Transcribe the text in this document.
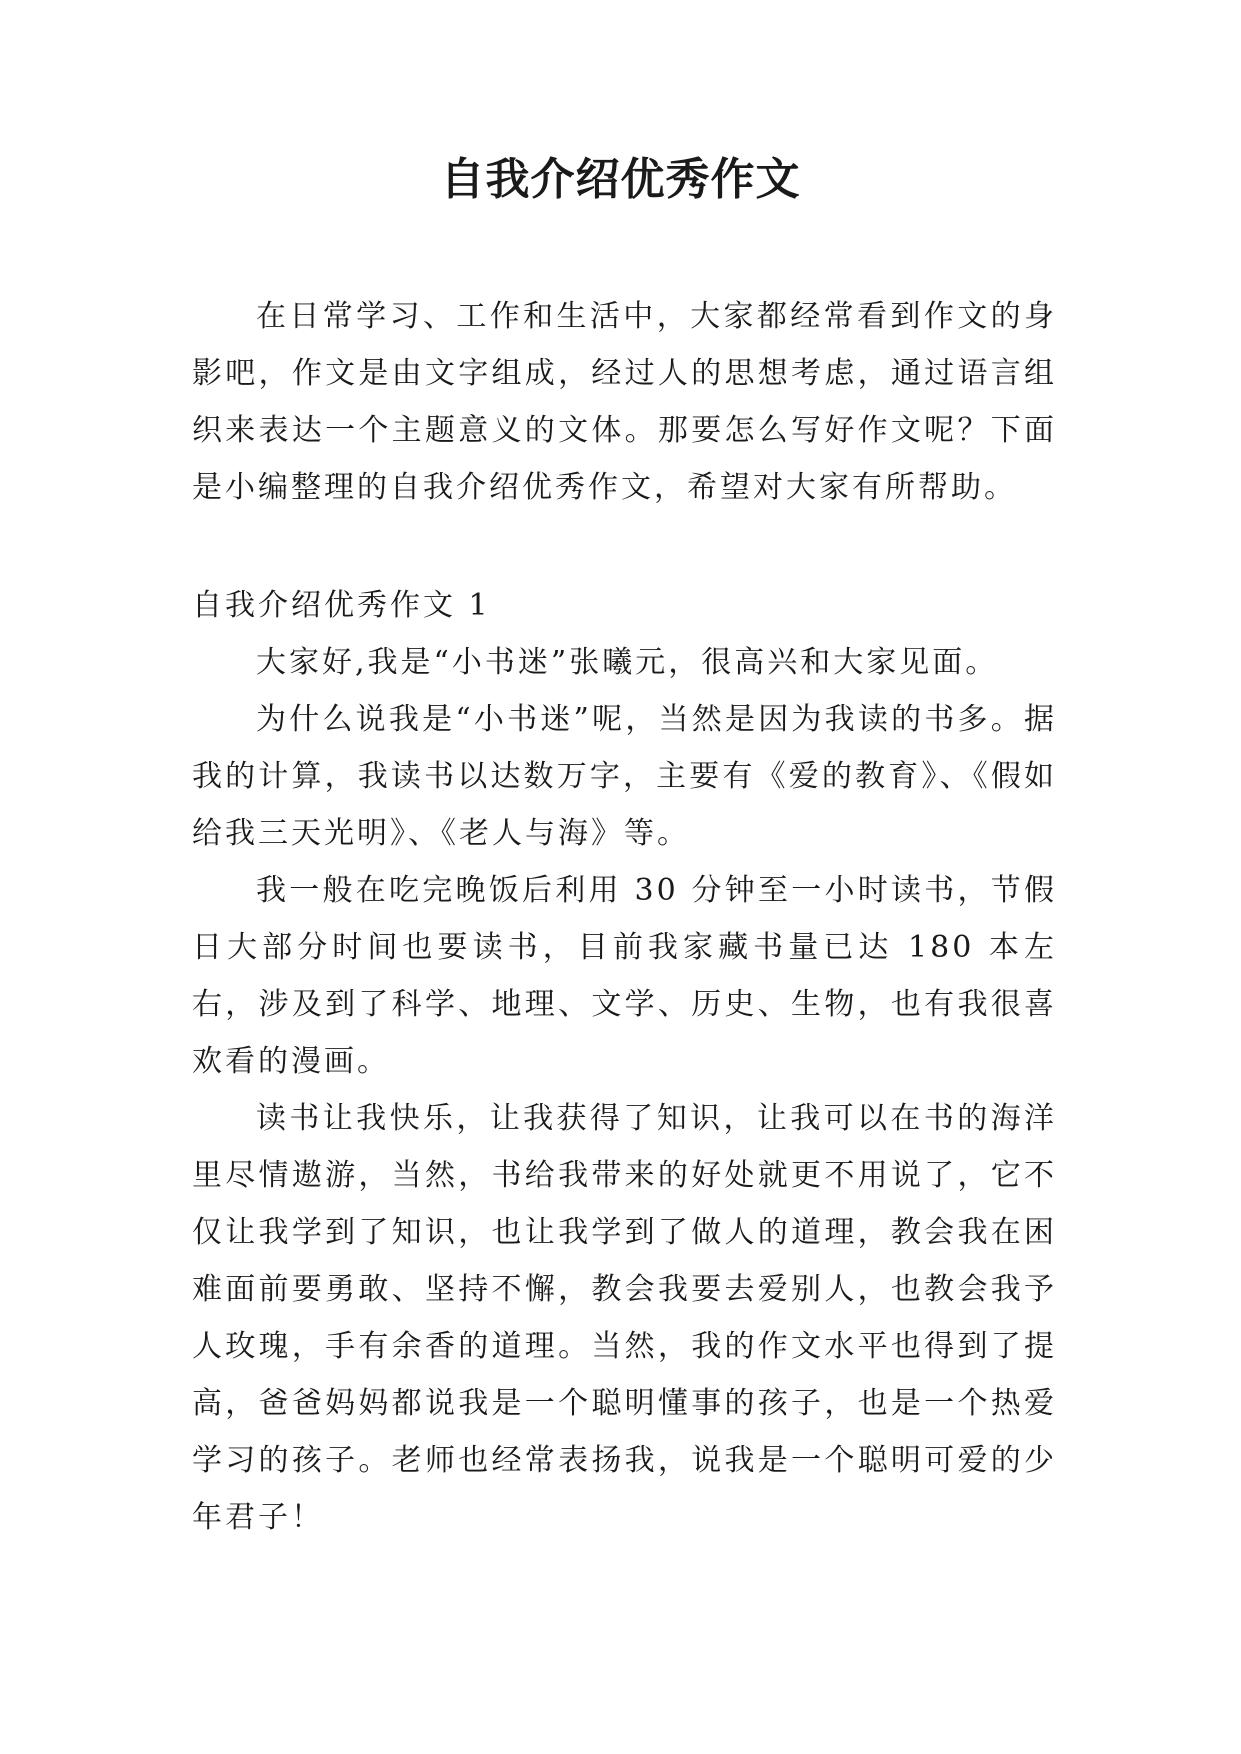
自我介绍优秀作文

在日常学习、工作和生活中，大家都经常看到作文的身影吧，作文是由文字组成，经过人的思想考虑，通过语言组织来表达一个主题意义的文体。那要怎么写好作文呢？下面是小编整理的自我介绍优秀作文，希望对大家有所帮助。

自我介绍优秀作文 1

大家好,我是“小书迷”张曦元，很高兴和大家见面。

为什么说我是“小书迷”呢，当然是因为我读的书多。据我的计算，我读书以达数万字，主要有《爱的教育》、《假如给我三天光明》、《老人与海》等。

我一般在吃完晚饭后利用 30 分钟至一小时读书，节假日大部分时间也要读书，目前我家藏书量已达 180 本左右，涉及到了科学、地理、文学、历史、生物，也有我很喜欢看的漫画。

读书让我快乐，让我获得了知识，让我可以在书的海洋里尽情遨游，当然，书给我带来的好处就更不用说了，它不仅让我学到了知识，也让我学到了做人的道理，教会我在困难面前要勇敢、坚持不懈，教会我要去爱别人，也教会我予人玫瑰，手有余香的道理。当然，我的作文水平也得到了提高，爸爸妈妈都说我是一个聪明懂事的孩子，也是一个热爱学习的孩子。老师也经常表扬我，说我是一个聪明可爱的少年君子！
